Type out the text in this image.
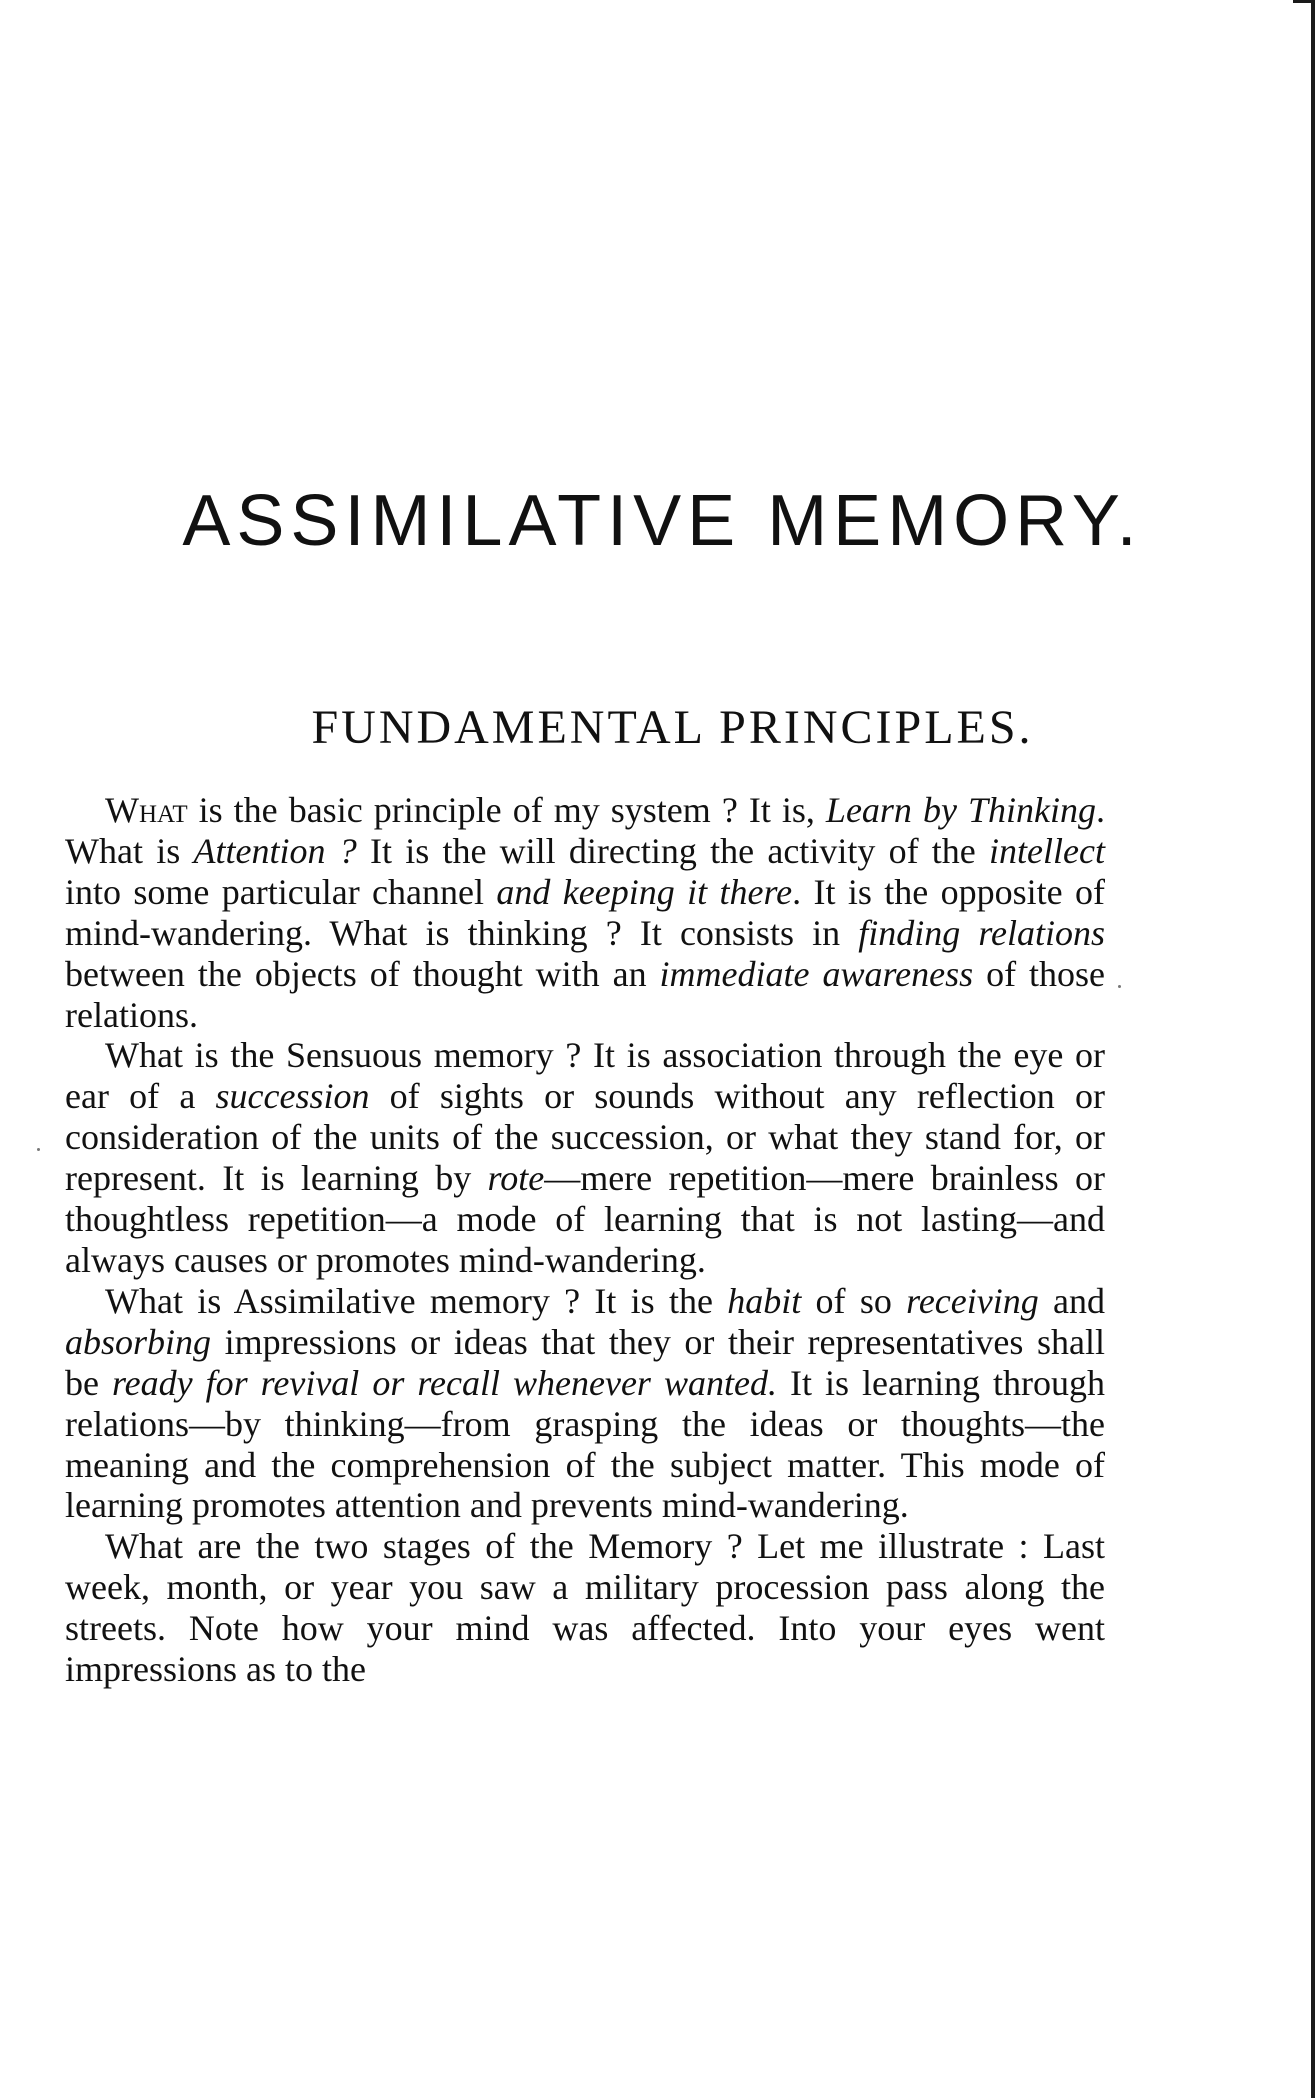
ASSIMILATIVE MEMORY.
FUNDAMENTAL PRINCIPLES.

What is the basic principle of my system ? It is, Learn by Thinking. What is Attention ? It is the will directing the activity of the intellect into some particular channel and keeping it there. It is the opposite of mind-wandering. What is thinking ? It consists in finding relations between the objects of thought with an immediate awareness of those relations.

What is the Sensuous memory ? It is association through the eye or ear of a succession of sights or sounds without any reflection or consideration of the units of the succession, or what they stand for, or represent. It is learning by rote—mere repetition—mere brainless or thoughtless repetition—a mode of learning that is not lasting—and always causes or promotes mind-wandering.

What is Assimilative memory ? It is the habit of so receiving and absorbing impressions or ideas that they or their representatives shall be ready for revival or recall whenever wanted. It is learning through relations—by thinking—from grasping the ideas or thoughts—the meaning and the comprehension of the subject matter. This mode of learning promotes attention and prevents mind-wandering.

What are the two stages of the Memory ? Let me illustrate : Last week, month, or year you saw a military procession pass along the streets. Note how your mind was affected. Into your eyes went impressions as to the
